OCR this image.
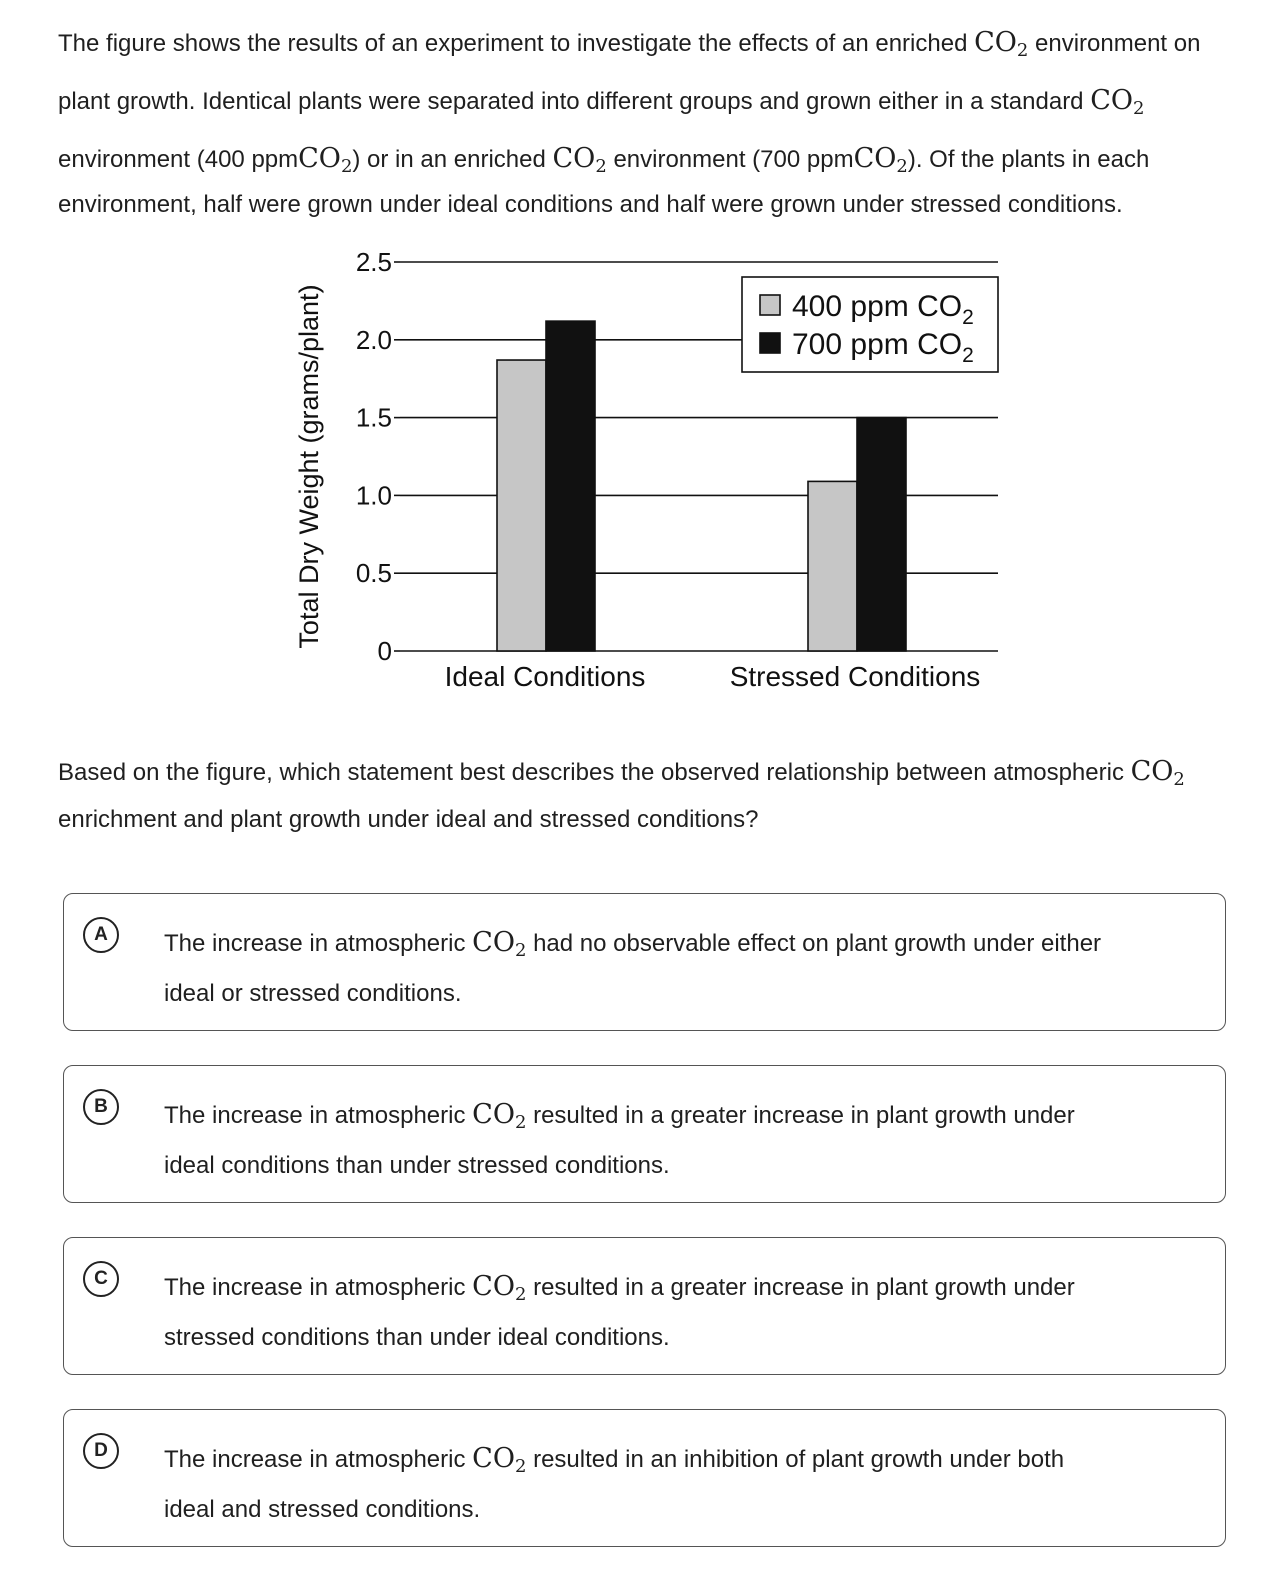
The figure shows the results of an experiment to investigate the effects of an enriched $CO_2$ environment on plant growth. Identical plants were separated into different groups and grown either in a standard $CO_2$ environment (400 ppmCO$_2$) or in an enriched $CO_2$ environment (700 ppmCO$_2$). Of the plants in each
environment, half were grown under ideal conditions and half were grown under stressed conditions.

0
0.5
1.0
1.5
2.0
2.5
Total Dry Weight (grams/plant)
Ideal Conditions	Stressed Conditions
400 ppm $CO_2$
700 ppm $CO_2$

Based on the figure, which statement best describes the observed relationship between atmospheric $CO_2$ enrichment and plant growth under ideal and stressed conditions?

A	The increase in atmospheric $CO_2$ had no observable effect on plant growth under either
ideal or stressed conditions.

B	The increase in atmospheric $CO_2$ resulted in a greater increase in plant growth under
ideal conditions than under stressed conditions.

C	The increase in atmospheric $CO_2$ resulted in a greater increase in plant growth under
stressed conditions than under ideal conditions.

D	The increase in atmospheric $CO_2$ resulted in an inhibition of plant growth under both
ideal and stressed conditions.
